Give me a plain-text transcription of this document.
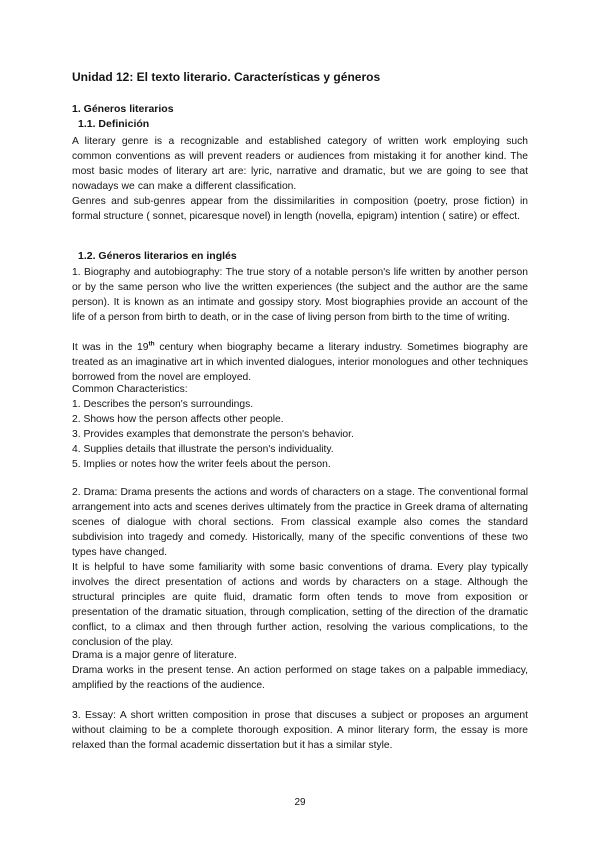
Unidad 12: El texto literario. Características y géneros
1. Géneros literarios
1.1. Definición

A literary genre is a recognizable and established category of written work employing such common conventions as will prevent readers or audiences from mistaking it for another kind. The most basic modes of literary art are: lyric, narrative and dramatic, but we are going to see that nowadays we can make a different classification.

Genres and sub-genres appear from the dissimilarities in composition (poetry, prose fiction) in formal structure ( sonnet, picaresque novel) in length (novella, epigram) intention ( satire) or effect.

1.2. Géneros literarios en inglés

1. Biography and autobiography: The true story of a notable person's life written by another person or by the same person who live the written experiences (the subject and the author are the same person). It is known as an intimate and gossipy story. Most biographies provide an account of the life of a person from birth to death, or in the case of living person from birth to the time of writing.

It was in the 19th century when biography became a literary industry. Sometimes biography are treated as an imaginative art in which invented dialogues, interior monologues and other techniques borrowed from the novel are employed.

Common Characteristics:
1. Describes the person's surroundings.
2. Shows how the person affects other people.
3. Provides examples that demonstrate the person's behavior.
4. Supplies details that illustrate the person's individuality.
5. Implies or notes how the writer feels about the person.

2. Drama: Drama presents the actions and words of characters on a stage. The conventional formal arrangement into acts and scenes derives ultimately from the practice in Greek drama of alternating scenes of dialogue with choral sections. From classical example also comes the standard subdivision into tragedy and comedy. Historically, many of the specific conventions of these two types have changed.

It is helpful to have some familiarity with some basic conventions of drama. Every play typically involves the direct presentation of actions and words by characters on a stage. Although the structural principles are quite fluid, dramatic form often tends to move from exposition or presentation of the dramatic situation, through complication, setting of the direction of the dramatic conflict, to a climax and then through further action, resolving the various complications, to the conclusion of the play.

Drama is a major genre of literature.

Drama works in the present tense. An action performed on stage takes on a palpable immediacy, amplified by the reactions of the audience.

3. Essay: A short written composition in prose that discuses a subject or proposes an argument without claiming to be a complete thorough exposition. A minor literary form, the essay is more relaxed than the formal academic dissertation but it has a similar style.

29
